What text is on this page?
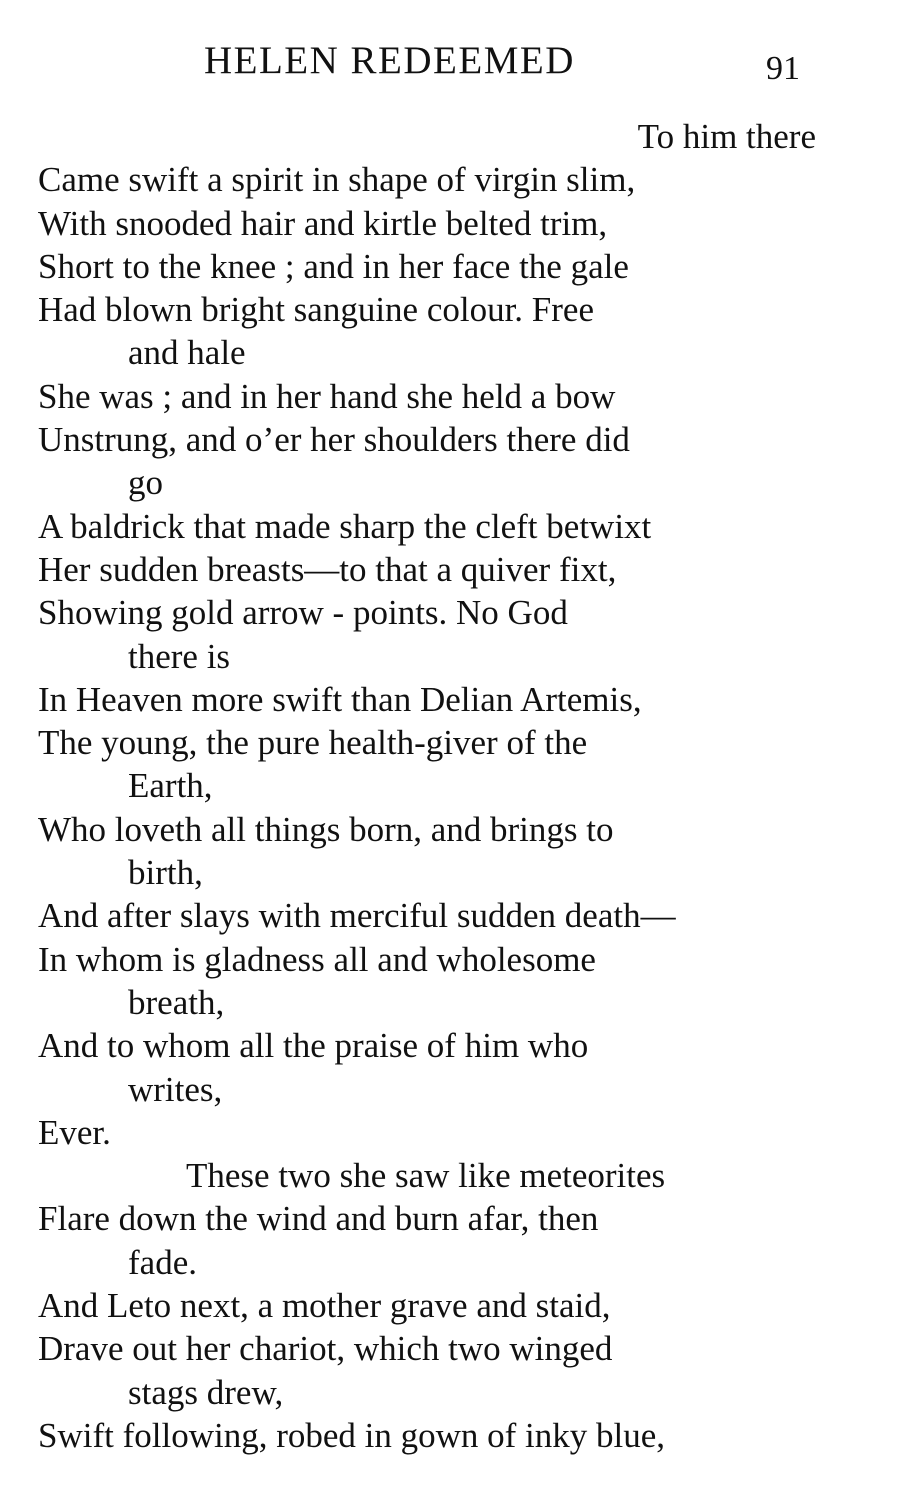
HELEN REDEEMED	91
To him there
Came swift a spirit in shape of virgin slim,
With snooded hair and kirtle belted trim,
Short to the knee ; and in her face the gale
Had blown bright sanguine colour. Free
and hale
She was ; and in her hand she held a bow
Unstrung, and o’er her shoulders there did
go
A baldrick that made sharp the cleft betwixt
Her sudden breasts—to that a quiver fixt,
Showing gold arrow - points. No God
there is
In Heaven more swift than Delian Artemis,
The young, the pure health-giver of the
Earth,
Who loveth all things born, and brings to
birth,
And after slays with merciful sudden death—
In whom is gladness all and wholesome
breath,
And to whom all the praise of him who
writes,
Ever.
These two she saw like meteorites
Flare down the wind and burn afar, then
fade.
And Leto next, a mother grave and staid,
Drave out her chariot, which two winged
stags drew,
Swift following, robed in gown of inky blue,
